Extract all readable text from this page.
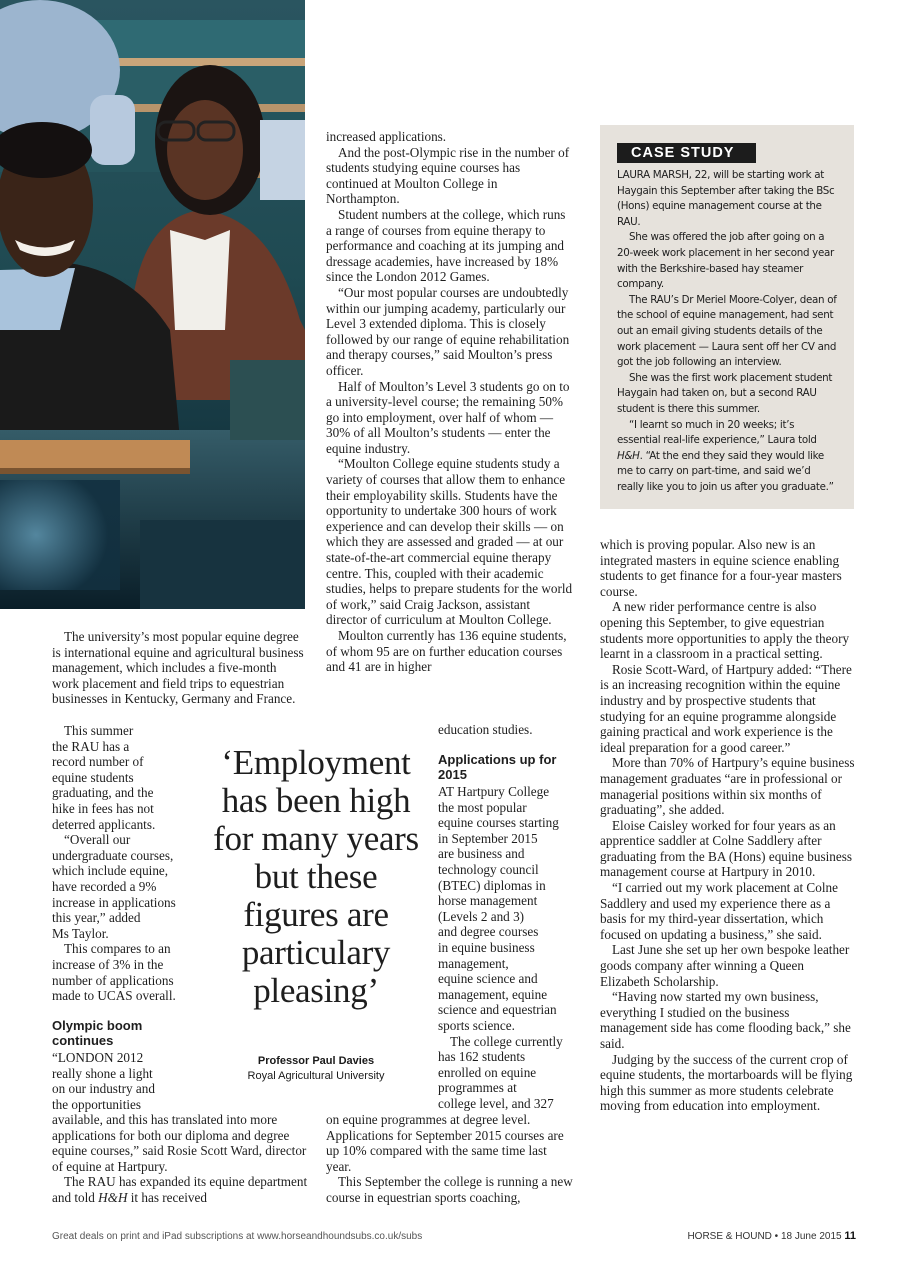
The university’s most popular equine degree is international equine and agricultural business management, which includes a five-month work placement and field trips to equestrian businesses in Kentucky, Germany and France.

This summer
the RAU has a
record number of
equine students
graduating, and the
hike in fees has not
deterred applicants.

“Overall our
undergraduate courses,
which include equine,
have recorded a 9%
increase in applications
this year,” added
Ms Taylor.

This compares to an
increase of 3% in the
number of applications
made to UCAS overall.

Olympic boom continues

“LONDON 2012
really shone a light
on our industry and
the opportunities

available, and this has translated into more applications for both our diploma and degree equine courses,” said Rosie Scott Ward, director of equine at Hartpury.

The RAU has expanded its equine department and told H&H it has received

increased applications.

And the post-Olympic rise in the number of students studying equine courses has continued at Moulton College in Northampton.

Student numbers at the college, which runs a range of courses from equine therapy to performance and coaching at its jumping and dressage academies, have increased by 18% since the London 2012 Games.

“Our most popular courses are undoubtedly within our jumping academy, particularly our Level 3 extended diploma. This is closely followed by our range of equine rehabilitation and therapy courses,” said Moulton’s press officer.

Half of Moulton’s Level 3 students go on to a university-level course; the remaining 50% go into employment, over half of whom — 30% of all Moulton’s students — enter the equine industry.

“Moulton College equine students study a variety of courses that allow them to enhance their employability skills. Students have the opportunity to undertake 300 hours of work experience and can develop their skills — on which they are assessed and graded — at our state-of-the-art commercial equine therapy centre. This, coupled with their academic studies, helps to prepare students for the world of work,” said Craig Jackson, assistant director of curriculum at Moulton College.

Moulton currently has 136 equine students, of whom 95 are on further education courses and 41 are in higher

education studies.
Applications up for 2015

AT Hartpury College
the most popular
equine courses starting
in September 2015
are business and
technology council
(BTEC) diplomas in
horse management
(Levels 2 and 3)
and degree courses
in equine business
management,
equine science and
management, equine
science and equestrian
sports science.

The college currently
has 162 students
enrolled on equine
programmes at
college level, and 327

on equine programmes at degree level. Applications for September 2015 courses are up 10% compared with the same time last year.

This September the college is running a new course in equestrian sports coaching,

‘Employment has been high for many years but these figures are particulary pleasing’
Professor Paul Davies
Royal Agricultural University
CASE STUDY

LAURA MARSH, 22, will be starting work at Haygain this September after taking the BSc (Hons) equine management course at the RAU.

She was offered the job after going on a 20-week work placement in her second year with the Berkshire-based hay steamer company.

The RAU’s Dr Meriel Moore-Colyer, dean of the school of equine management, had sent out an email giving students details of the work placement — Laura sent off her CV and got the job following an interview.

She was the first work placement student Haygain had taken on, but a second RAU student is there this summer.

“I learnt so much in 20 weeks; it’s essential real-life experience,” Laura told H&H. “At the end they said they would like me to carry on part-time, and said we’d really like you to join us after you graduate.”

which is proving popular. Also new is an integrated masters in equine science enabling students to get finance for a four-year masters course.

A new rider performance centre is also opening this September, to give equestrian students more opportunities to apply the theory learnt in a classroom in a practical setting.

Rosie Scott-Ward, of Hartpury added: “There is an increasing recognition within the equine industry and by prospective students that studying for an equine programme alongside gaining practical and work experience is the ideal preparation for a good career.”

More than 70% of Hartpury’s equine business management graduates “are in professional or managerial positions within six months of graduating”, she added.

Eloise Caisley worked for four years as an apprentice saddler at Colne Saddlery after graduating from the BA (Hons) equine business management course at Hartpury in 2010.

“I carried out my work placement at Colne Saddlery and used my experience there as a basis for my third-year dissertation, which focused on updating a business,” she said.

Last June she set up her own bespoke leather goods company after winning a Queen Elizabeth Scholarship.

“Having now started my own business, everything I studied on the business management side has come flooding back,” she said.

Judging by the success of the current crop of equine students, the mortarboards will be flying high this summer as more students celebrate moving from education into employment.

Great deals on print and iPad subscriptions at www.horseandhoundsubs.co.uk/subs	HORSE & HOUND • 18 June 2015 11
